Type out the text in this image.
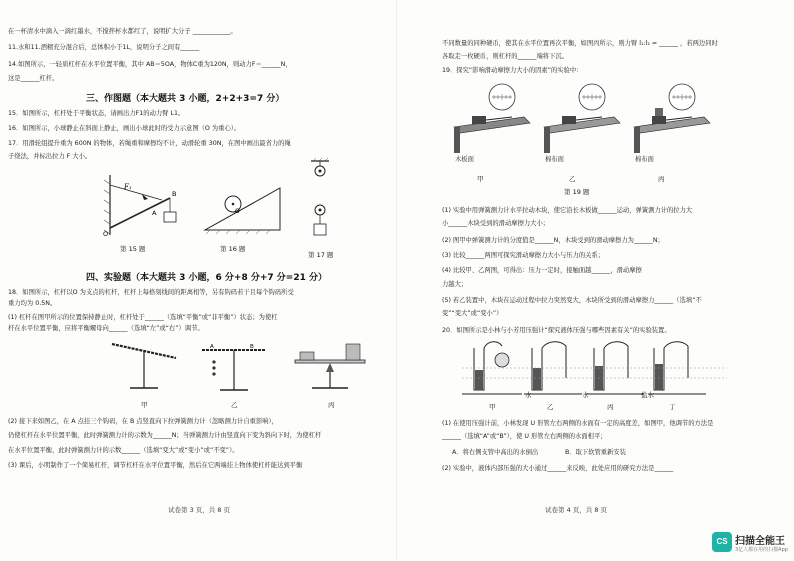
在一杯清水中滴入一滴红墨水，不搅拌杯水都红了，说明扩大分子 ____________。
11.水和11.酒精充分混合后，总体积小于1L，说明分子之间有______
14.如图所示，一轻质杠杆在水平位置平衡，其中 AB＝5OA，物体C重为120N，则动力F＝______N，
这是______杠杆。
三、作图题（本大题共 3 小题，2+2+3=7 分）
15．如图所示，杠杆处于平衡状态，请画出力F1的动力臂 L1。
16．如图所示，小球静止在斜面上静止，画出小球此时的受力示意图（O 为重心）。
17．用滑轮组提升重为 600N 的物体，若绳重和摩擦均不计，动滑轮重 30N，在图中画出最省力的绳
子绕法，并标出拉力 F 大小。
F₁
A
B
O
第 15 题
O
第 16 题
第 17 题
四、实验题（本大题共 3 小题，6 分+8 分+7 分=21 分）
18．如图所示，杠杆以O 为支点的杠杆，杠杆上每格刻线间的距离相等，另有钩码若干且每个钩码所受
重力均为 0.5N。
(1) 杠杆在图甲所示的位置保持静止时，杠杆处于______（选填“平衡”或“非平衡”）状态；为使杠
杆在水平位置平衡，应将平衡螺母向______（选填“左”或“右”）调节。
甲
A	B
乙	丙
(2) 接下来如图乙，在 A 点挂三个钩码，在 B 点竖直向下拉弹簧测力计（忽略测力计自重影响），
仍使杠杆在水平位置平衡，此时弹簧测力计的示数为______N；当弹簧测力计由竖直向下变为斜向下时，为使杠杆
在水平位置平衡，此时弹簧测力计的示数______（选填“变大”或“变小”或“不变”）。
(3) 课后，小明制作了一个简易杠杆，调节杠杆在水平位置平衡，然后在它两端挂上物体使杠杆能达到平衡
试卷第 3 页，共 8 页
不同数量的同种硬币，使其在水平位置再次平衡，如图丙所示，则力臂 l₁:l₂ = ______ ，若两边同时
各取走一枚硬币，则杠杆的______端将下沉。
19．探究“影响滑动摩擦力大小的因素”的实验中：
木板面	棉布面	棉布面
甲	乙	丙
第 19 题
(1) 实验中用弹簧测力计水平拉动木块，使它沿长木板做______运动，弹簧测力计的拉力大
小______木块受到的滑动摩擦力大小；
(2) 图甲中弹簧测力计的分度值是______N，木块受到的滑动摩擦力为______N；
(3) 比较______两图可探究滑动摩擦力大小与压力的关系；
(4) 比较甲、乙两图，可得出：压力一定时，接触面越______，滑动摩擦
力越大；
(5) 若乙装置中，木块在运动过程中拉力突然变大，木块所受到的滑动摩擦力______（选填“不
变”“变大”或“变小”）
20．如图所示是小林与小芳用压强计“探究液体压强与哪些因素有关”的实验装置。
甲
水
乙
水
丙
盐水
丁
(1) 在使用压强计前，小林发现 U 形管左右两侧的水面有一定的高度差，如图甲，他调节的方法是
______（选填“A”或“B”），使 U 形管左右两侧的水面相平；
A．将右侧支管中高出的水倒出	B．取下软管重新安装
(2) 实验中，液体内部压强的大小通过______来反映，此处应用的研究方法是______
试卷第 4 页，共 8 页
CS 扫描全能王
3亿人都在用的扫描App
